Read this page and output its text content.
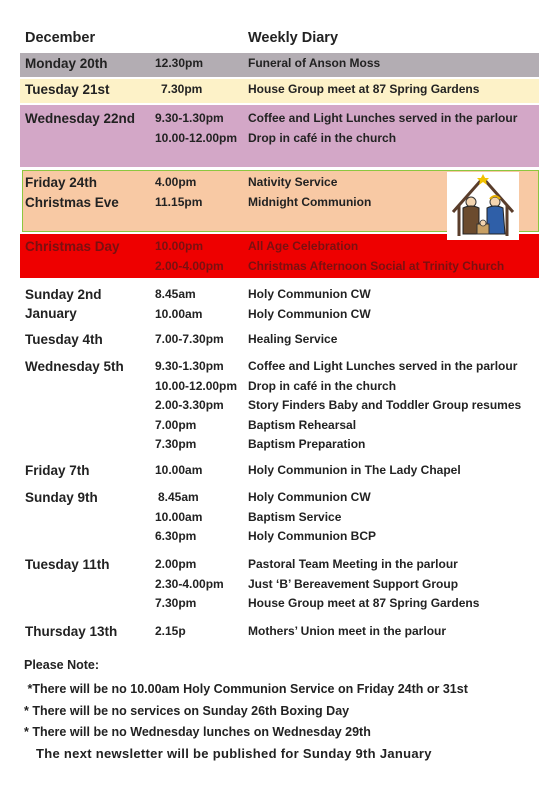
December	Weekly Diary
Monday 20th	12.30pm	Funeral of Anson Moss
Tuesday 21st	7.30pm	House Group meet at 87 Spring Gardens
Wednesday 22nd 9.30-1.30pm Coffee and Light Lunches served in the parlour
10.00-12.00pm Drop in café in the church
Friday 24th
Christmas Eve
4.00pm	Nativity Service
11.15pm	Midnight Communion
Christmas Day	10.00pm	All Age Celebration
2.00-4.00pm Christmas Afternoon Social at Trinity Church
Sunday 2nd
January
8.45am	Holy Communion CW
10.00am	Holy Communion CW
Tuesday 4th	7.00-7.30pm Healing Service
Wednesday 5th	9.30-1.30pm Coffee and Light Lunches served in the parlour
10.00-12.00pm Drop in café in the church
2.00-3.30pm Story Finders Baby and Toddler Group resumes
7.00pm	Baptism Rehearsal
7.30pm	Baptism Preparation
Friday 7th	10.00am	Holy Communion in The Lady Chapel
Sunday 9th	8.45am	Holy Communion CW
10.00am	Baptism Service
6.30pm	Holy Communion BCP
Tuesday 11th	2.00pm	Pastoral Team Meeting in the parlour
2.30-4.00pm Just ‘B’ Bereavement Support Group
7.30pm	House Group meet at 87 Spring Gardens
Thursday 13th	2.15p	Mothers’ Union meet in the parlour
Please Note:
*There will be no 10.00am Holy Communion Service on Friday 24th or 31st
* There will be no services on Sunday 26th Boxing Day
* There will be no Wednesday lunches on Wednesday 29th
The next newsletter will be published for Sunday 9th January
